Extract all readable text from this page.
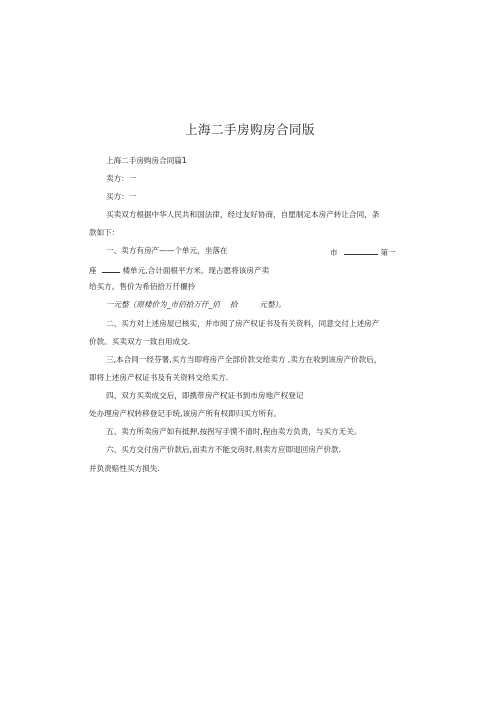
上海二手房购房合同版
上海二手房购房合同篇1
卖方：一
买方：一
买卖双方根据中华人民共和国法律，经过友好协商，自愿制定本房产转让合同，条
款如下：
一、卖方有房产——个单元，坐落在	市	第一
座	楼单元,合计面根平方米。现占愿将该房产卖
给买方。售价为希佰拾万仟欐拎
一元整（原楼价为_市佰拾万仟_佰 拾	元整）。
二、买方对上述房屋已核实，并市阅了房产权证书及有关资料，同意交付上述房产
价款。买卖双方一致自用成交.
三,本合同一经芬署,买方当即将房产全部价款交给卖方 ,卖方在收到该房产价款后，
即将上述房产权证书及有关资料交给买方.
四、双方买卖成交后，即携带房产权证书到市房地产权登记
处办理房产权转移登记手统,该房产所有权即归买方所有。
五、卖方所卖房产如有抵押,按拐写手馍不清时,程由卖方负责，与买方无关。
六、买方交付房产价款后,而卖方不能交房时,则卖方应即退回房产价款.
并负责赔性买方损失.
